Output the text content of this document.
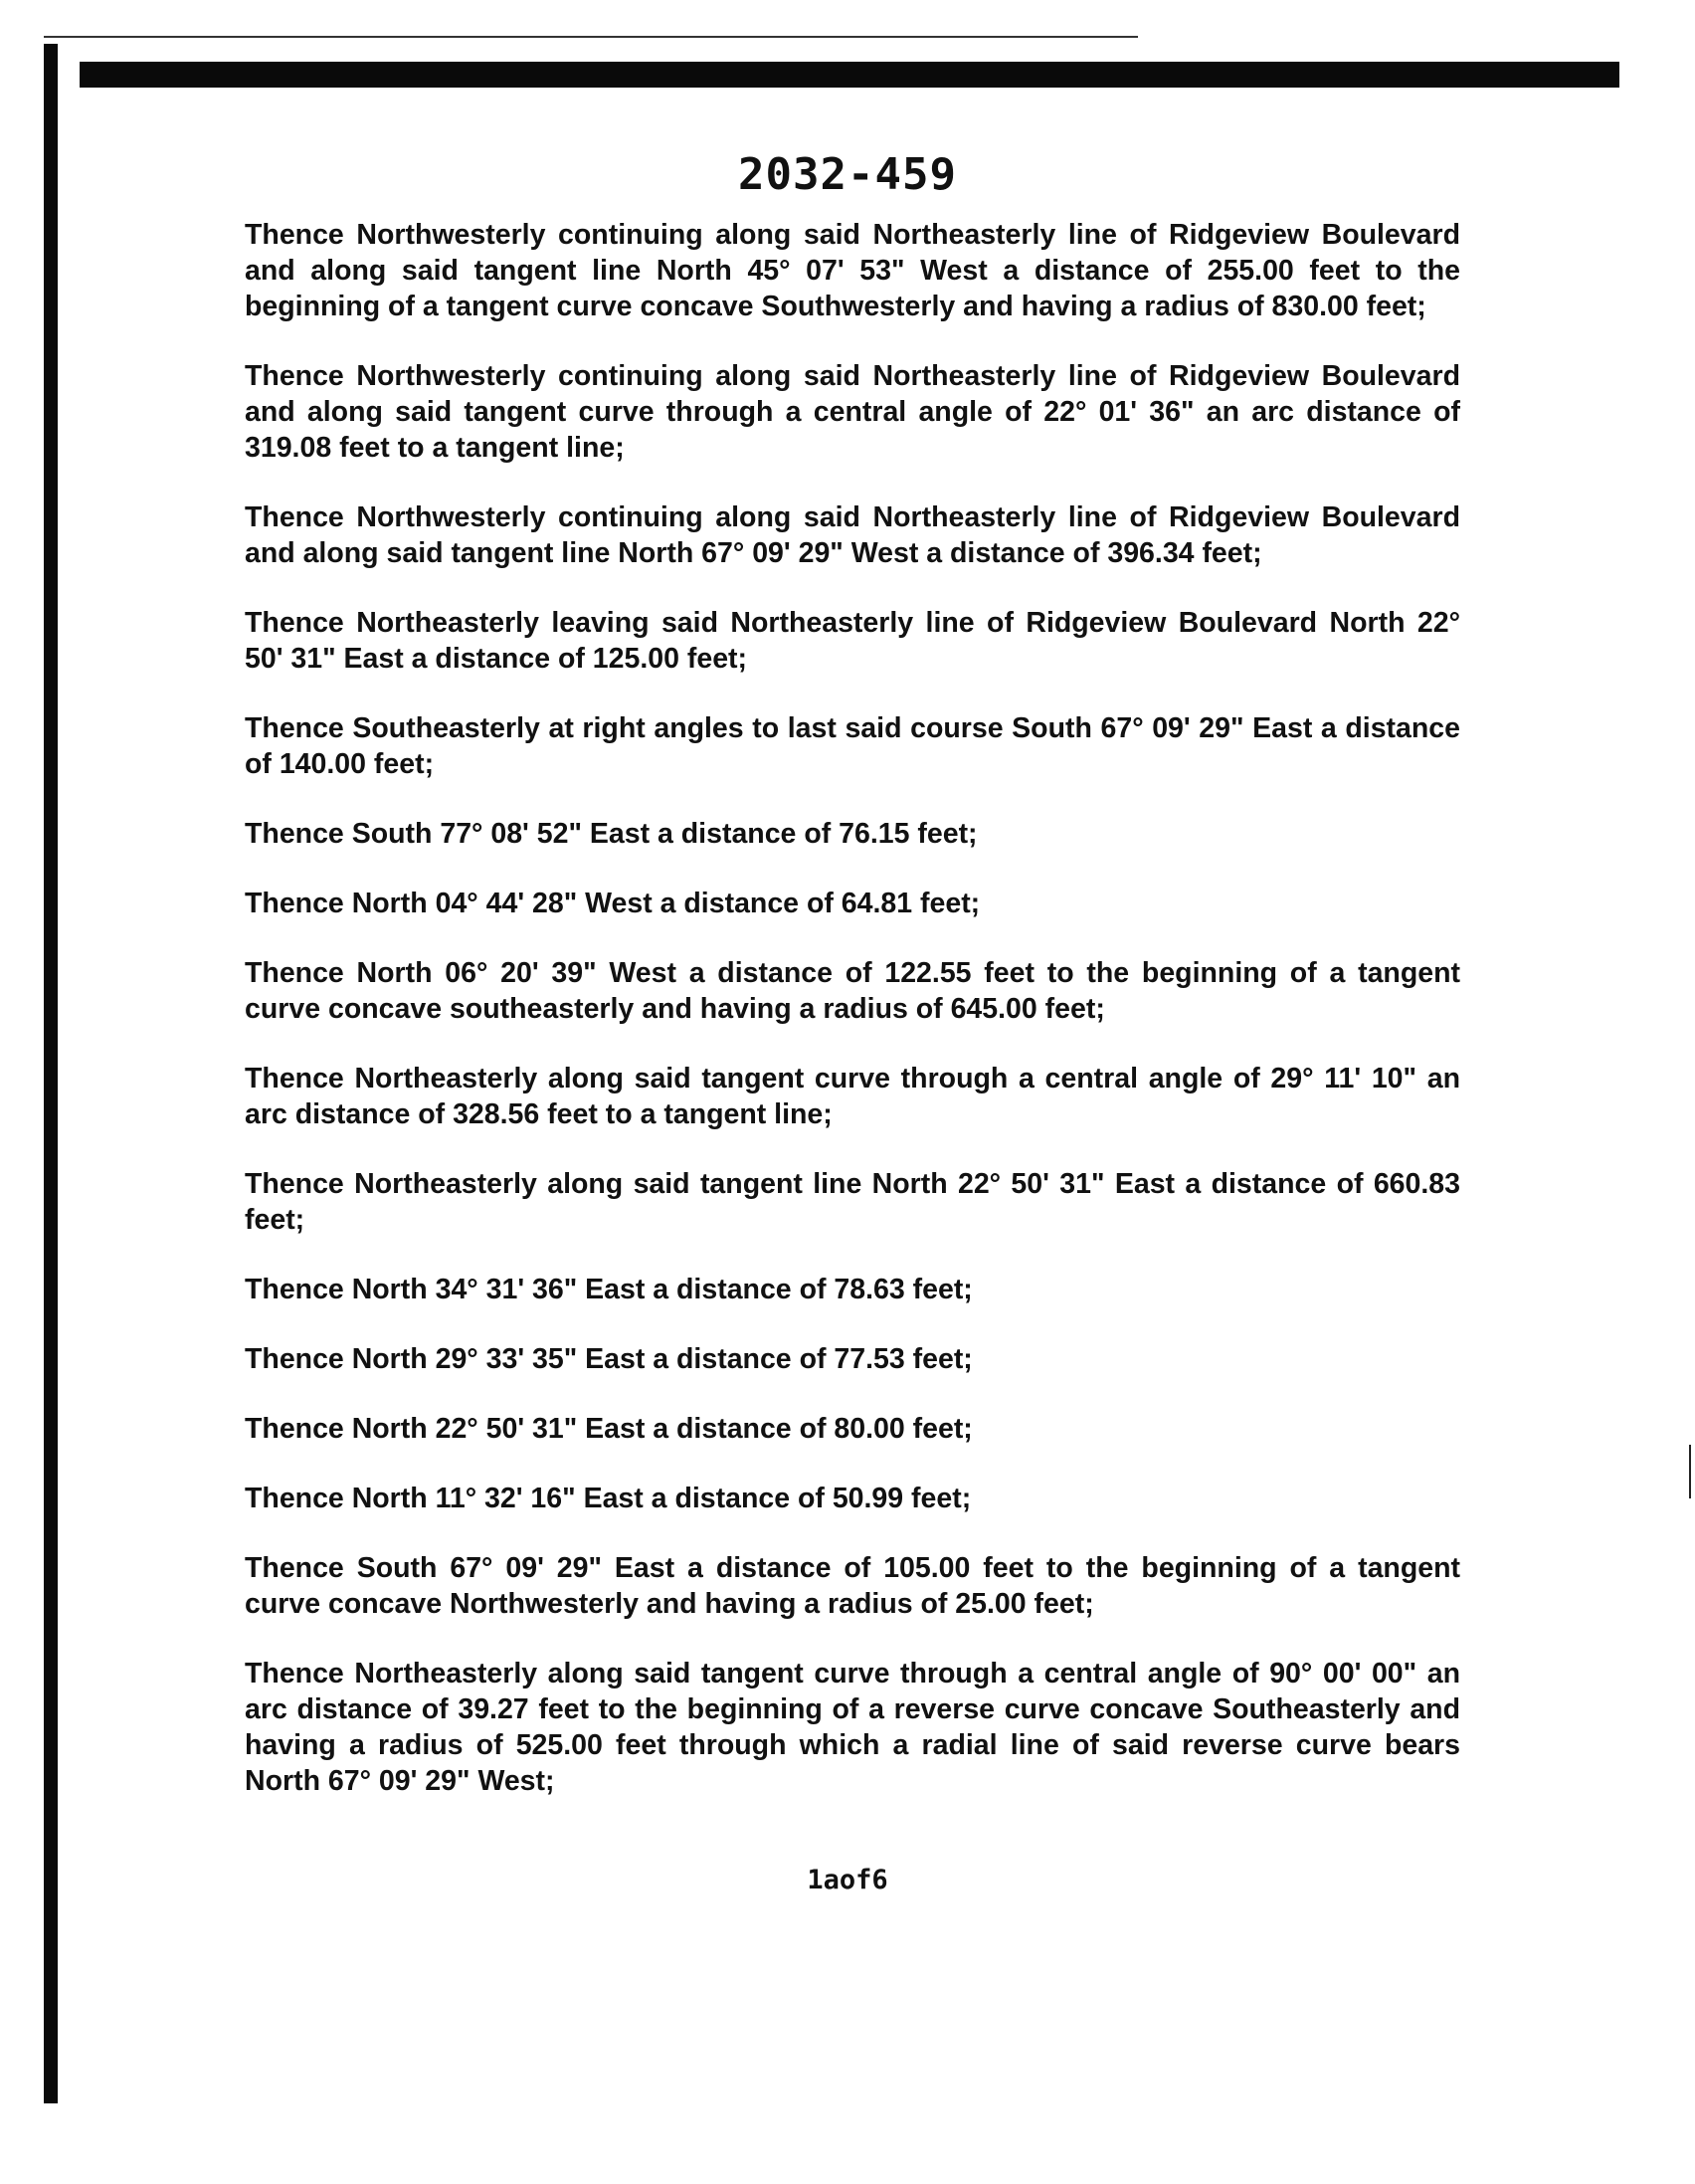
2032-459

Thence Northwesterly continuing along said Northeasterly line of Ridgeview Boulevard and along said tangent line North 45° 07' 53" West a distance of 255.00 feet to the beginning of a tangent curve concave Southwesterly and having a radius of 830.00 feet;

Thence Northwesterly continuing along said Northeasterly line of Ridgeview Boulevard and along said tangent curve through a central angle of 22° 01' 36" an arc distance of 319.08 feet to a tangent line;

Thence Northwesterly continuing along said Northeasterly line of Ridgeview Boulevard and along said tangent line North 67° 09' 29" West a distance of 396.34 feet;

Thence Northeasterly leaving said Northeasterly line of Ridgeview Boulevard North 22° 50' 31" East a distance of 125.00 feet;

Thence Southeasterly at right angles to last said course South 67° 09' 29" East a distance of 140.00 feet;

Thence South 77° 08' 52" East a distance of 76.15 feet;

Thence North 04° 44' 28" West a distance of 64.81 feet;

Thence North 06° 20' 39" West a distance of 122.55 feet to the beginning of a tangent curve concave southeasterly and having a radius of 645.00 feet;

Thence Northeasterly along said tangent curve through a central angle of 29° 11' 10" an arc distance of 328.56 feet to a tangent line;

Thence Northeasterly along said tangent line North 22° 50' 31" East a distance of 660.83 feet;

Thence North 34° 31' 36" East a distance of 78.63 feet;

Thence North 29° 33' 35" East a distance of 77.53 feet;

Thence North 22° 50' 31" East a distance of 80.00 feet;

Thence North 11° 32' 16" East a distance of 50.99 feet;

Thence South 67° 09' 29" East a distance of 105.00 feet to the beginning of a tangent curve concave Northwesterly and having a radius of 25.00 feet;

Thence Northeasterly along said tangent curve through a central angle of 90° 00' 00" an arc distance of 39.27 feet to the beginning of a reverse curve concave Southeasterly and having a radius of 525.00 feet through which a radial line of said reverse curve bears North 67° 09' 29" West;

1aof6
